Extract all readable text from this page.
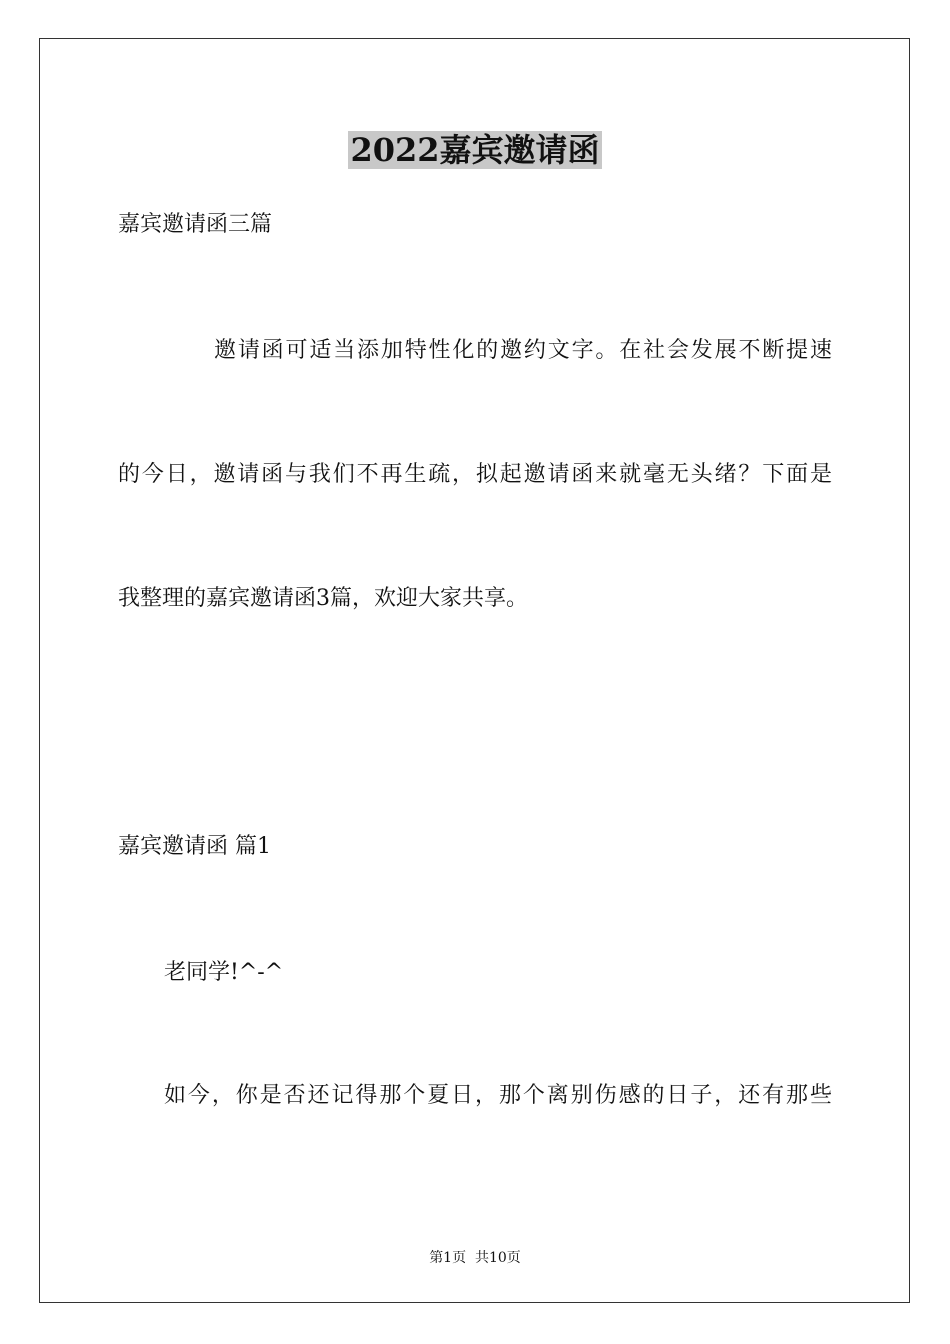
2022嘉宾邀请函
嘉宾邀请函三篇
邀请函可适当添加特性化的邀约文字。在社会发展不断提速
的今日，邀请函与我们不再生疏，拟起邀请函来就毫无头绪？下面是
我整理的嘉宾邀请函3篇，欢迎大家共享。
嘉宾邀请函 篇1
老同学!^-^
如今，你是否还记得那个夏日，那个离别伤感的日子，还有那些
第1页  共10页
